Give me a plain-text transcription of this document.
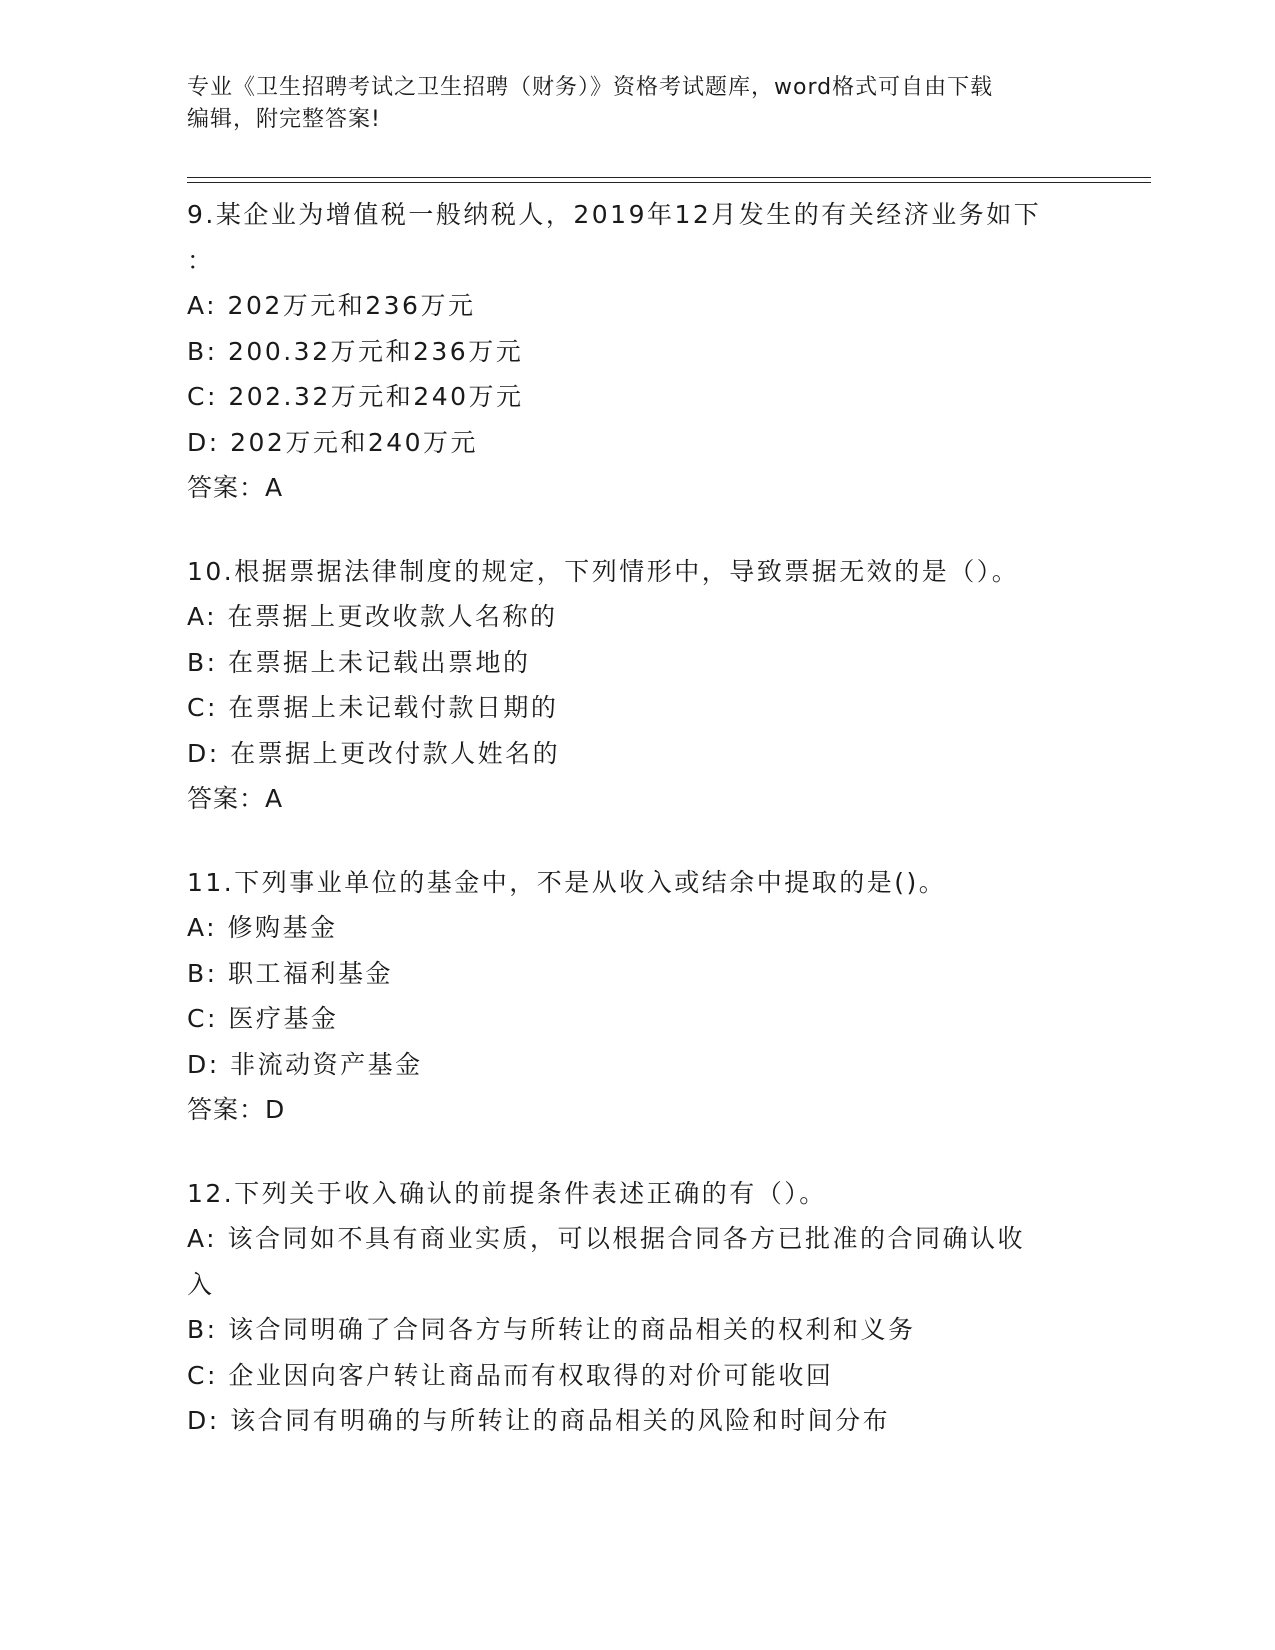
专业《卫生招聘考试之卫生招聘（财务）》资格考试题库，word格式可自由下载
编辑，附完整答案!
9.某企业为增值税一般纳税人，2019年12月发生的有关经济业务如下
：
A: 202万元和236万元
B: 200.32万元和236万元
C: 202.32万元和240万元
D: 202万元和240万元
答案：A
10.根据票据法律制度的规定，下列情形中，导致票据无效的是（）。
A: 在票据上更改收款人名称的
B: 在票据上未记载出票地的
C: 在票据上未记载付款日期的
D: 在票据上更改付款人姓名的
答案：A
11.下列事业单位的基金中，不是从收入或结余中提取的是()。
A: 修购基金
B: 职工福利基金
C: 医疗基金
D: 非流动资产基金
答案：D
12.下列关于收入确认的前提条件表述正确的有（）。
A: 该合同如不具有商业实质，可以根据合同各方已批准的合同确认收
入
B: 该合同明确了合同各方与所转让的商品相关的权利和义务
C: 企业因向客户转让商品而有权取得的对价可能收回
D: 该合同有明确的与所转让的商品相关的风险和时间分布
